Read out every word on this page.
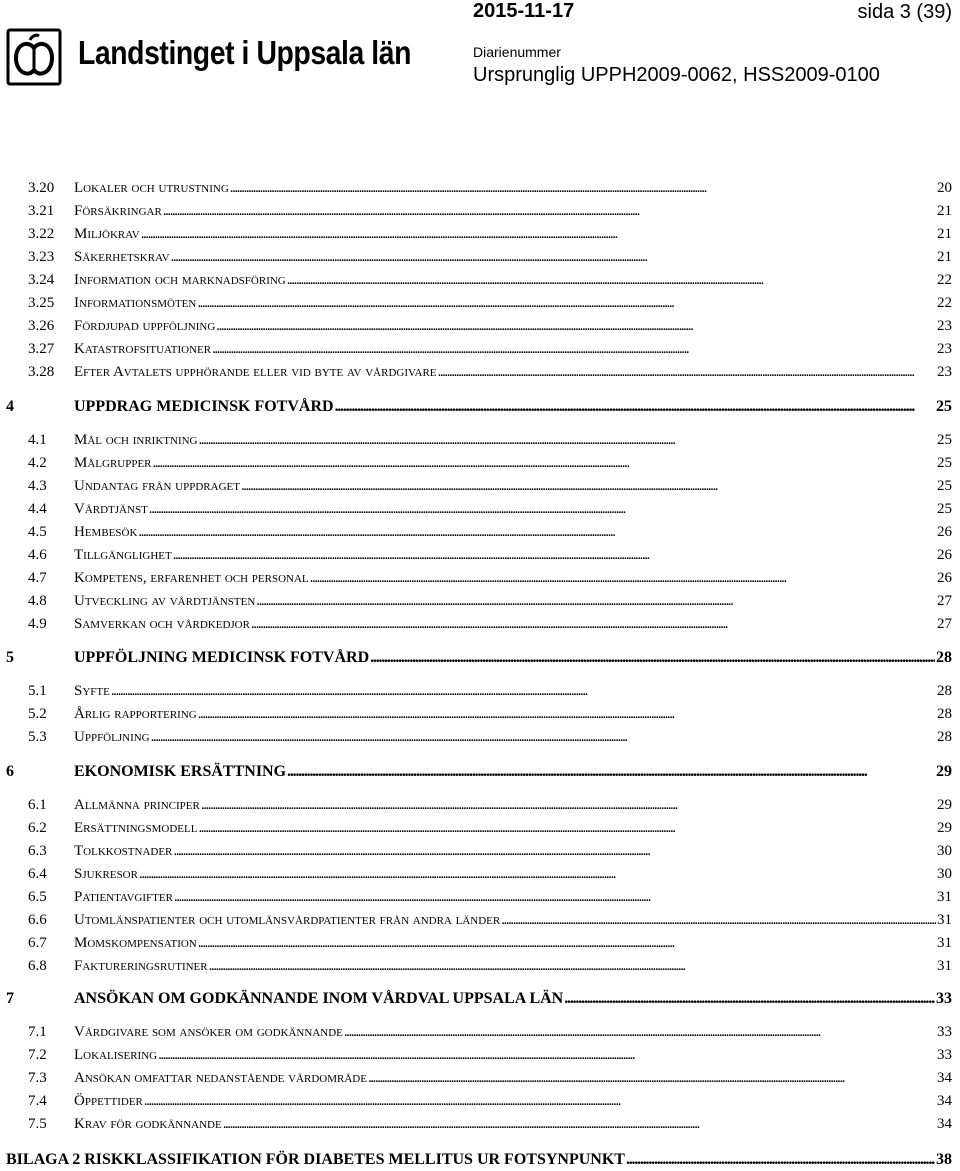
Landstinget i Uppsala län
2015-11-17	sida 3 (39)
Diarienummer
Ursprunglig UPPH2009-0062, HSS2009-0100
3.20	Lokaler och utrustning . . .	20
3.21	Försäkringar . . .	21
3.22	Miljökrav . . .	21
3.23	Säkerhetskrav . . .	21
3.24	Information och marknadsföring . . .	22
3.25	Informationsmöten . . .	22
3.26	Fördjupad uppföljning . . .	23
3.27	Katastrofsituationer . . .	23
3.28	Efter Avtalets upphörande eller vid byte av vårdgivare . . .	23
4	UPPDRAG MEDICINSK FOTVÅRD . . .	25
4.1	Mål och inriktning . . .	25
4.2	Målgrupper . . .	25
4.3	Undantag från uppdraget . . .	25
4.4	Vårdtjänst . . .	25
4.5	Hembesök . . .	26
4.6	Tillgänglighet . . .	26
4.7	Kompetens, erfarenhet och personal . . .	26
4.8	Utveckling av vårdtjänsten . . .	27
4.9	Samverkan och vårdkedjor . . .	27
5	UPPFÖLJNING MEDICINSK FOTVÅRD . . .	28
5.1	Syfte . . .	28
5.2	Årlig rapportering . . .	28
5.3	Uppföljning . . .	28
6	EKONOMISK ERSÄTTNING . . .	29
6.1	Allmänna principer . . .	29
6.2	Ersättningsmodell . . .	29
6.3	Tolkkostnader . . .	30
6.4	Sjukresor . . .	30
6.5	Patientavgifter . . .	31
6.6	Utomlänspatienter och utomlänsvårdpatienter från andra länder . . .	31
6.7	Momskompensation . . .	31
6.8	Faktureringsrutiner . . .	31
7	ANSÖKAN OM GODKÄNNANDE INOM VÅRDVAL UPPSALA LÄN . . .	33
7.1	Vårdgivare som ansöker om godkännande . . .	33
7.2	Lokalisering . . .	33
7.3	Ansökan omfattar nedanstående vårdområde . . .	34
7.4	Öppettider . . .	34
7.5	Krav för godkännande . . .	34
BILAGA 2 RISKKLASSIFIKATION FÖR DIABETES MELLITUS UR FOTSYNPUNKT . . .	38
